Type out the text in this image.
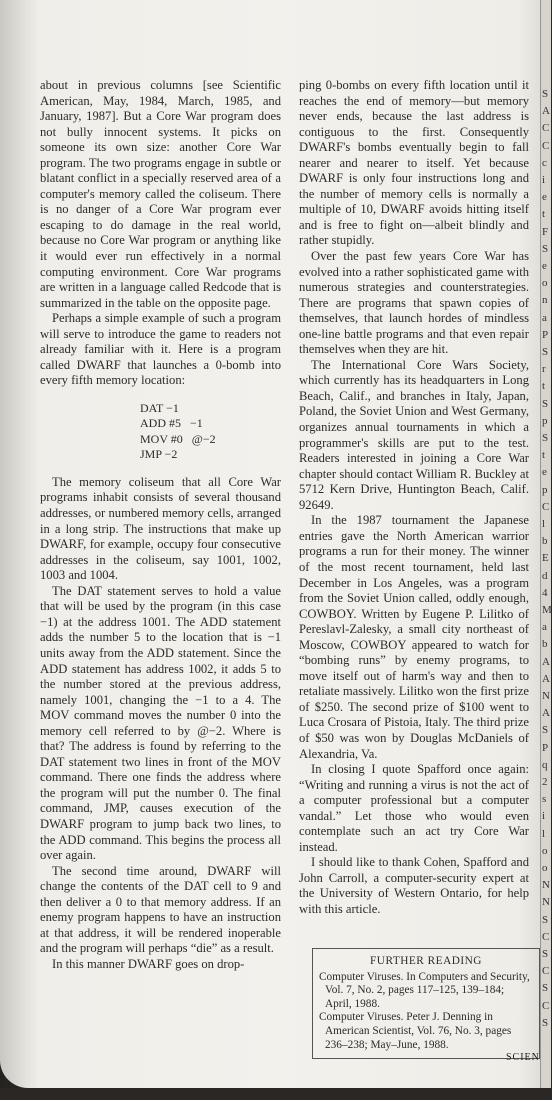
about in previous columns [see Scientific American, May, 1984, March, 1985, and January, 1987]. But a Core War program does not bully innocent systems. It picks on someone its own size: another Core War program. The two programs engage in subtle or blatant conflict in a specially reserved area of a computer's memory called the coliseum. There is no danger of a Core War program ever escaping to do damage in the real world, because no Core War program or anything like it would ever run effectively in a normal computing environment. Core War programs are written in a language called Redcode that is summarized in the table on the opposite page.

Perhaps a simple example of such a program will serve to introduce the game to readers not already familiar with it. Here is a program called DWARF that launches a 0-bomb into every fifth memory location:

DAT −1
ADD #5   −1
MOV #0   @−2
JMP −2

The memory coliseum that all Core War programs inhabit consists of several thousand addresses, or numbered memory cells, arranged in a long strip. The instructions that make up DWARF, for example, occupy four consecutive addresses in the coliseum, say 1001, 1002, 1003 and 1004.

The DAT statement serves to hold a value that will be used by the program (in this case −1) at the address 1001. The ADD statement adds the number 5 to the location that is −1 units away from the ADD statement. Since the ADD statement has address 1002, it adds 5 to the number stored at the previous address, namely 1001, changing the −1 to a 4. The MOV command moves the number 0 into the memory cell referred to by @−2. Where is that? The address is found by referring to the DAT statement two lines in front of the MOV command. There one finds the address where the program will put the number 0. The final command, JMP, causes execution of the DWARF program to jump back two lines, to the ADD command. This begins the process all over again.

The second time around, DWARF will change the contents of the DAT cell to 9 and then deliver a 0 to that memory address. If an enemy program happens to have an instruction at that address, it will be rendered inoperable and the program will perhaps “die” as a result.

In this manner DWARF goes on drop-

ping 0-bombs on every fifth location until it reaches the end of memory—but memory never ends, because the last address is contiguous to the first. Consequently DWARF's bombs eventually begin to fall nearer and nearer to itself. Yet because DWARF is only four instructions long and the number of memory cells is normally a multiple of 10, DWARF avoids hitting itself and is free to fight on—albeit blindly and rather stupidly.

Over the past few years Core War has evolved into a rather sophisticated game with numerous strategies and counterstrategies. There are programs that spawn copies of themselves, that launch hordes of mindless one-line battle programs and that even repair themselves when they are hit.

The International Core Wars Society, which currently has its headquarters in Long Beach, Calif., and branches in Italy, Japan, Poland, the Soviet Union and West Germany, organizes annual tournaments in which a programmer's skills are put to the test. Readers interested in joining a Core War chapter should contact William R. Buckley at 5712 Kern Drive, Huntington Beach, Calif. 92649.

In the 1987 tournament the Japanese entries gave the North American warrior programs a run for their money. The winner of the most recent tournament, held last December in Los Angeles, was a program from the Soviet Union called, oddly enough, COWBOY. Written by Eugene P. Lilitko of Pereslavl-Zalesky, a small city northeast of Moscow, COWBOY appeared to watch for “bombing runs” by enemy programs, to move itself out of harm's way and then to retaliate massively. Lilitko won the first prize of $250. The second prize of $100 went to Luca Crosara of Pistoia, Italy. The third prize of $50 was won by Douglas McDaniels of Alexandria, Va.

In closing I quote Spafford once again: “Writing and running a virus is not the act of a computer professional but a computer vandal.” Let those who would even contemplate such an act try Core War instead.

I should like to thank Cohen, Spafford and John Carroll, a computer-security expert at the University of Western Ontario, for help with this article.

FURTHER READING
Computer Viruses. In Computers and Security, Vol. 7, No. 2, pages 117–125, 139–184; April, 1988.
Computer Viruses. Peter J. Denning in American Scientist, Vol. 76, No. 3, pages 236–238; May–June, 1988.
S
A
C
C
c
i
e
t
F
S
e
o
n
a
P
S
r
t
S
p
S
t
e
p
C
l
b
E
d
4
M
a
b
A
A
N
A
S
P
q
2
s
i
l
o
o
N
N
S
C
S
C
S
C
S
SCIEN
